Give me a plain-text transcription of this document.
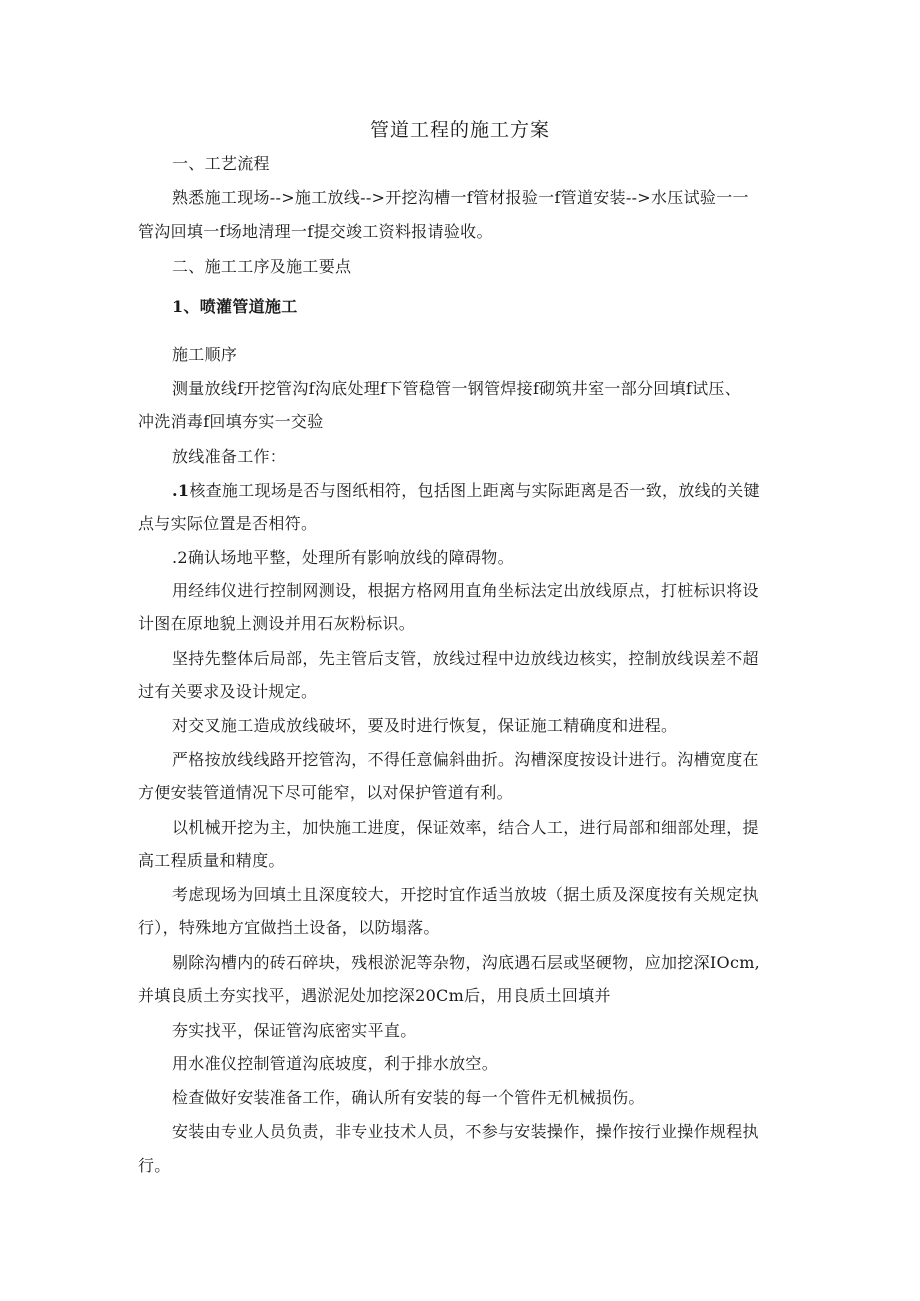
管道工程的施工方案
一、工艺流程
熟悉施工现场-->施工放线-->开挖沟槽一f管材报验一f管道安装-->水压试验一一
管沟回填一f场地清理一f提交竣工资料报请验收。
二、施工工序及施工要点
1、喷灌管道施工
施工顺序
测量放线f开挖管沟f沟底处理f下管稳管一钢管焊接f砌筑井室一部分回填f试压、
冲洗消毒f回填夯实一交验
放线准备工作：
.1核查施工现场是否与图纸相符，包括图上距离与实际距离是否一致，放线的关键
点与实际位置是否相符。
.2确认场地平整，处理所有影响放线的障碍物。
用经纬仪进行控制网测设，根据方格网用直角坐标法定出放线原点，打桩标识将设
计图在原地貌上测设并用石灰粉标识。
坚持先整体后局部，先主管后支管，放线过程中边放线边核实，控制放线误差不超
过有关要求及设计规定。
对交叉施工造成放线破坏，要及时进行恢复，保证施工精确度和进程。
严格按放线线路开挖管沟，不得任意偏斜曲折。沟槽深度按设计进行。沟槽宽度在
方便安装管道情况下尽可能窄，以对保护管道有利。
以机械开挖为主，加快施工进度，保证效率，结合人工，进行局部和细部处理，提
高工程质量和精度。
考虑现场为回填土且深度较大，开挖时宜作适当放坡（据土质及深度按有关规定执
行），特殊地方宜做挡土设备，以防塌落。
剔除沟槽内的砖石碎块，残根淤泥等杂物，沟底遇石层或坚硬物，应加挖深IOcm,
并填良质土夯实找平，遇淤泥处加挖深20Cm后，用良质土回填并
夯实找平，保证管沟底密实平直。
用水准仪控制管道沟底坡度，利于排水放空。
检查做好安装准备工作，确认所有安装的每一个管件无机械损伤。
安装由专业人员负责，非专业技术人员，不参与安装操作，操作按行业操作规程执
行。
